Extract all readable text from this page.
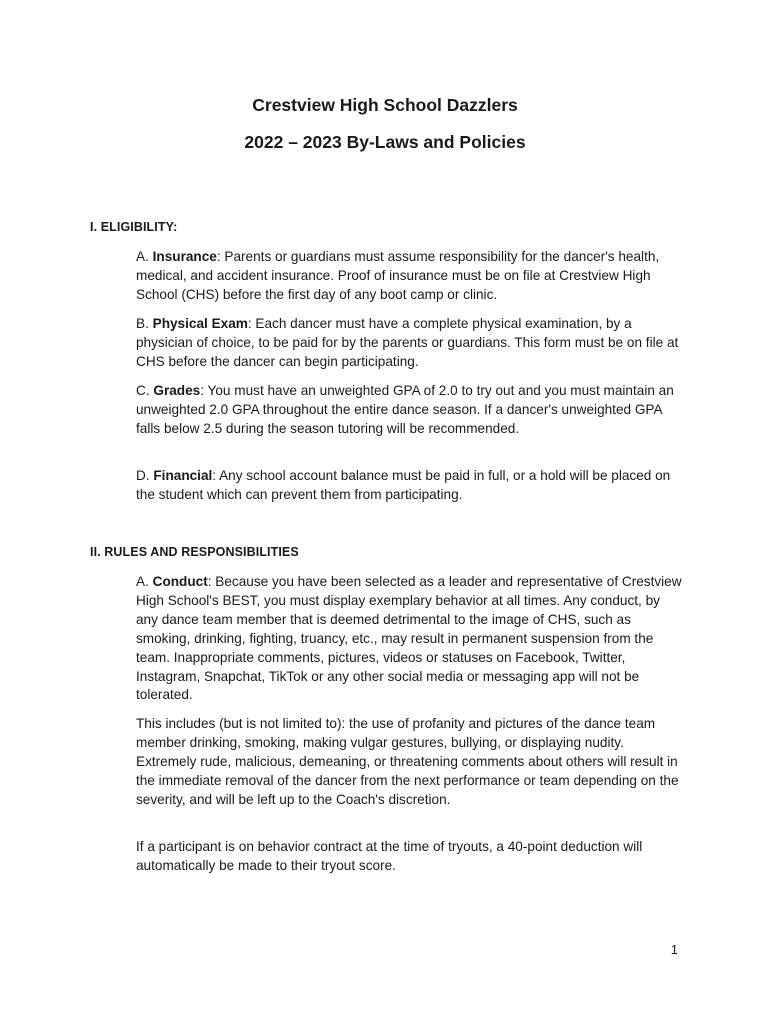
Crestview High School Dazzlers
2022 – 2023 By-Laws and Policies

I. ELIGIBILITY:

A. Insurance: Parents or guardians must assume responsibility for the dancer's health, medical, and accident insurance. Proof of insurance must be on file at Crestview High School (CHS) before the first day of any boot camp or clinic.

B. Physical Exam: Each dancer must have a complete physical examination, by a physician of choice, to be paid for by the parents or guardians. This form must be on file at CHS before the dancer can begin participating.

C. Grades: You must have an unweighted GPA of 2.0 to try out and you must maintain an unweighted 2.0 GPA throughout the entire dance season. If a dancer's unweighted GPA falls below 2.5 during the season tutoring will be recommended.

D. Financial: Any school account balance must be paid in full, or a hold will be placed on the student which can prevent them from participating.

II. RULES AND RESPONSIBILITIES

A. Conduct: Because you have been selected as a leader and representative of Crestview High School's BEST, you must display exemplary behavior at all times. Any conduct, by any dance team member that is deemed detrimental to the image of CHS, such as smoking, drinking, fighting, truancy, etc., may result in permanent suspension from the team. Inappropriate comments, pictures, videos or statuses on Facebook, Twitter, Instagram, Snapchat, TikTok or any other social media or messaging app will not be tolerated.

This includes (but is not limited to): the use of profanity and pictures of the dance team member drinking, smoking, making vulgar gestures, bullying, or displaying nudity. Extremely rude, malicious, demeaning, or threatening comments about others will result in the immediate removal of the dancer from the next performance or team depending on the severity, and will be left up to the Coach's discretion.

If a participant is on behavior contract at the time of tryouts, a 40-point deduction will automatically be made to their tryout score.

1
